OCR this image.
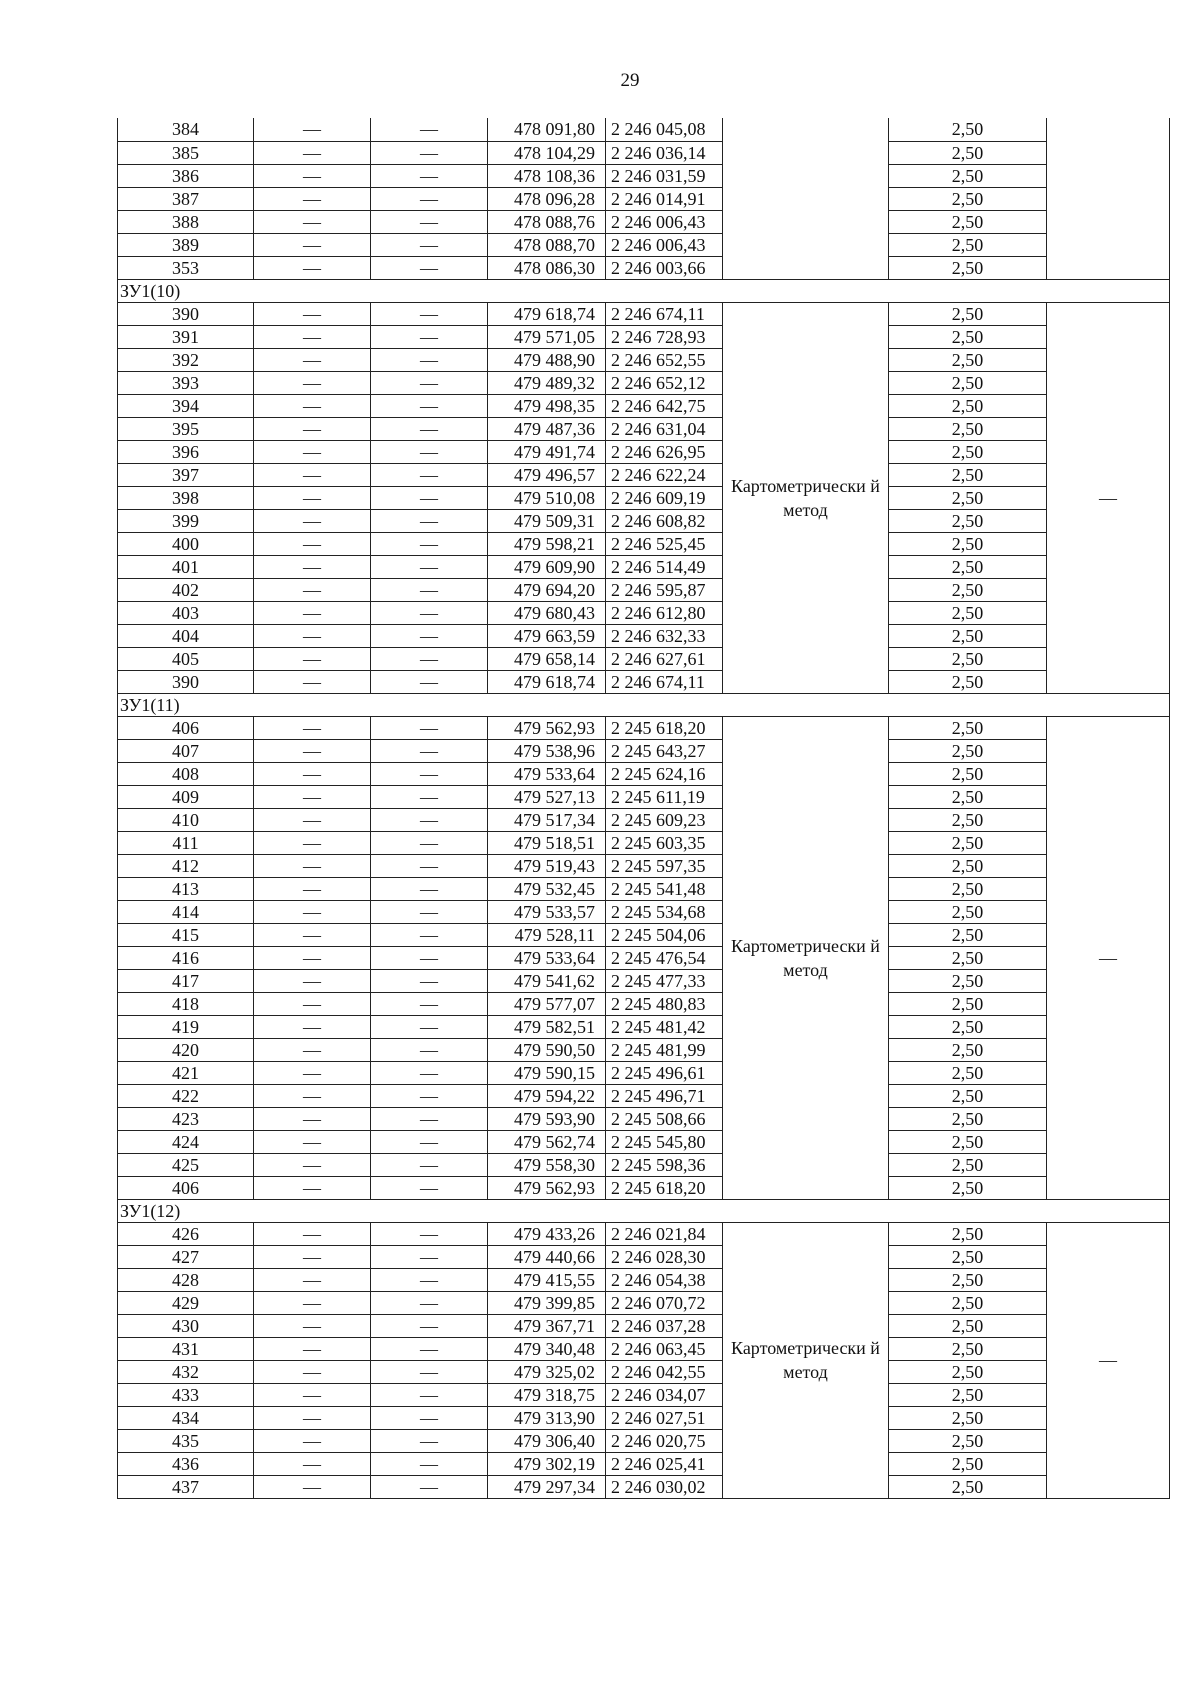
29
384	—	—	478 091,80	2 246 045,08		2,50	
385	—	—	478 104,29	2 246 036,14		2,50	
386	—	—	478 108,36	2 246 031,59		2,50	
387	—	—	478 096,28	2 246 014,91		2,50	
388	—	—	478 088,76	2 246 006,43		2,50	
389	—	—	478 088,70	2 246 006,43		2,50	
353	—	—	478 086,30	2 246 003,66		2,50	
ЗУ1(10)							
390	—	—	479 618,74	2 246 674,11	Картометрически й метод	2,50	—
391	—	—	479 571,05	2 246 728,93		2,50	
392	—	—	479 488,90	2 246 652,55		2,50	
393	—	—	479 489,32	2 246 652,12		2,50	
394	—	—	479 498,35	2 246 642,75		2,50	
395	—	—	479 487,36	2 246 631,04		2,50	
396	—	—	479 491,74	2 246 626,95		2,50	
397	—	—	479 496,57	2 246 622,24		2,50	
398	—	—	479 510,08	2 246 609,19		2,50	
399	—	—	479 509,31	2 246 608,82		2,50	
400	—	—	479 598,21	2 246 525,45		2,50	
401	—	—	479 609,90	2 246 514,49		2,50	
402	—	—	479 694,20	2 246 595,87		2,50	
403	—	—	479 680,43	2 246 612,80		2,50	
404	—	—	479 663,59	2 246 632,33		2,50	
405	—	—	479 658,14	2 246 627,61		2,50	
390	—	—	479 618,74	2 246 674,11		2,50	
ЗУ1(11)							
406	—	—	479 562,93	2 245 618,20	Картометрически й метод	2,50	—
407	—	—	479 538,96	2 245 643,27		2,50	
408	—	—	479 533,64	2 245 624,16		2,50	
409	—	—	479 527,13	2 245 611,19		2,50	
410	—	—	479 517,34	2 245 609,23		2,50	
411	—	—	479 518,51	2 245 603,35		2,50	
412	—	—	479 519,43	2 245 597,35		2,50	
413	—	—	479 532,45	2 245 541,48		2,50	
414	—	—	479 533,57	2 245 534,68		2,50	
415	—	—	479 528,11	2 245 504,06		2,50	
416	—	—	479 533,64	2 245 476,54		2,50	
417	—	—	479 541,62	2 245 477,33		2,50	
418	—	—	479 577,07	2 245 480,83		2,50	
419	—	—	479 582,51	2 245 481,42		2,50	
420	—	—	479 590,50	2 245 481,99		2,50	
421	—	—	479 590,15	2 245 496,61		2,50	
422	—	—	479 594,22	2 245 496,71		2,50	
423	—	—	479 593,90	2 245 508,66		2,50	
424	—	—	479 562,74	2 245 545,80		2,50	
425	—	—	479 558,30	2 245 598,36		2,50	
406	—	—	479 562,93	2 245 618,20		2,50	
ЗУ1(12)							
426	—	—	479 433,26	2 246 021,84	Картометрически й метод	2,50	—
427	—	—	479 440,66	2 246 028,30		2,50	
428	—	—	479 415,55	2 246 054,38		2,50	
429	—	—	479 399,85	2 246 070,72		2,50	
430	—	—	479 367,71	2 246 037,28		2,50	
431	—	—	479 340,48	2 246 063,45		2,50	
432	—	—	479 325,02	2 246 042,55		2,50	
433	—	—	479 318,75	2 246 034,07		2,50	
434	—	—	479 313,90	2 246 027,51		2,50	
435	—	—	479 306,40	2 246 020,75		2,50	
436	—	—	479 302,19	2 246 025,41		2,50	
437	—	—	479 297,34	2 246 030,02		2,50	
